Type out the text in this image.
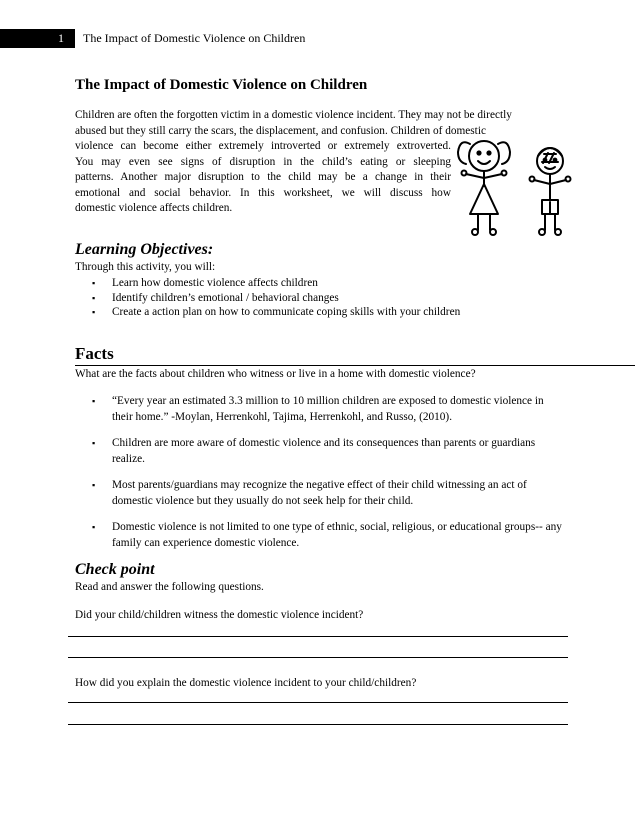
1 The Impact of Domestic Violence on Children
The Impact of Domestic Violence on Children

Children are often the forgotten victim in a domestic violence incident. They may not be directly
abused but they still carry the scars, the displacement, and confusion. Children of domestic
violence can become either extremely introverted or extremely extroverted.
You may even see signs of disruption in the child’s eating or sleeping
patterns. Another major disruption to the child may be a change in their
emotional and social behavior. In this worksheet, we will discuss how
domestic violence affects children.

Learning Objectives:

Through this activity, you will:

▪ Learn how domestic violence affects children
▪ Identify children’s emotional / behavioral changes
▪ Create a action plan on how to communicate coping skills with your children
Facts

What are the facts about children who witness or live in a home with domestic violence?

▪ “Every year an estimated 3.3 million to 10 million children are exposed to domestic violence in their home.” -Moylan, Herrenkohl, Tajima, Herrenkohl, and Russo, (2010).
▪ Children are more aware of domestic violence and its consequences than parents or guardians realize.
▪ Most parents/guardians may recognize the negative effect of their child witnessing an act of domestic violence but they usually do not seek help for their child.
▪ Domestic violence is not limited to one type of ethnic, social, religious, or educational groups-- any family can experience domestic violence.
Check point

Read and answer the following questions.

Did your child/children witness the domestic violence incident?

How did you explain the domestic violence incident to your child/children?
